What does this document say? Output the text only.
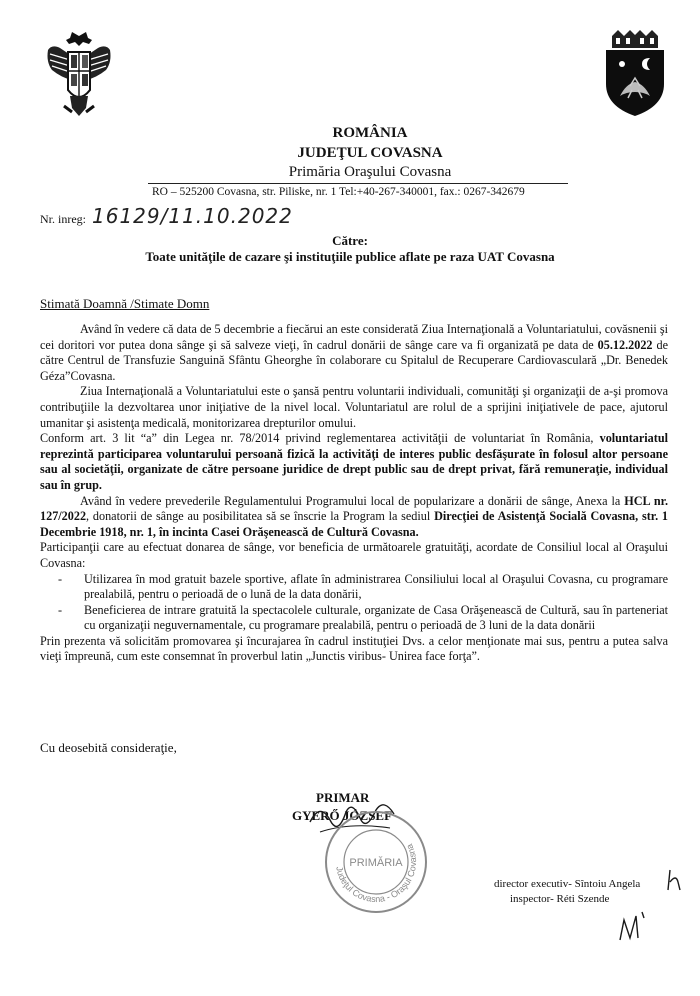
ROMÂNIA
JUDEŢUL COVASNA
Primăria Oraşului Covasna
RO – 525200 Covasna, str. Piliske, nr. 1 Tel:+40-267-340001, fax.: 0267-342679
Nr. inreg: 16129/11.10.2022
Către:
Toate unităţile de cazare şi instituţiile publice aflate pe raza UAT Covasna
Stimată Doamnă /Stimate Domn

Având în vedere că data de 5 decembrie a fiecărui an este considerată Ziua Internaţională a Voluntariatului, covăsnenii şi cei doritori vor putea dona sânge şi să salveze vieţi, în cadrul donării de sânge care va fi organizată pe data de 05.12.2022 de către Centrul de Transfuzie Sanguină Sfântu Gheorghe în colaborare cu Spitalul de Recuperare Cardiovasculară „Dr. Benedek Géza”Covasna.

Ziua Internaţională a Voluntariatului este o şansă pentru voluntarii individuali, comunităţi şi organizaţii de a-şi promova contribuţiile la dezvoltarea unor iniţiative de la nivel local. Voluntariatul are rolul de a sprijini iniţiativele de pace, ajutorul umanitar şi asistenţa medicală, monitorizarea drepturilor omului.

Conform art. 3 lit “a” din Legea nr. 78/2014 privind reglementarea activităţii de voluntariat în România, voluntariatul reprezintă participarea voluntarului persoană fizică la activităţi de interes public desfăşurate în folosul altor persoane sau al societăţii, organizate de către persoane juridice de drept public sau de drept privat, fără remuneraţie, individual sau în grup.

Având în vedere prevederile Regulamentului Programului local de popularizare a donării de sânge, Anexa la HCL nr. 127/2022, donatorii de sânge au posibilitatea să se înscrie la Program la sediul Direcţiei de Asistenţă Socială Covasna, str. 1 Decembrie 1918, nr. 1, în incinta Casei Orăşenească de Cultură Covasna.

Participanţii care au efectuat donarea de sânge, vor beneficia de următoarele gratuităţi, acordate de Consiliul local al Oraşului Covasna:

- Utilizarea în mod gratuit bazele sportive, aflate în administrarea Consiliului local al Oraşului Covasna, cu programare prealabilă, pentru o perioadă de o lună de la data donării,
- Beneficierea de intrare gratuită la spectacolele culturale, organizate de Casa Orăşenească de Cultură, sau în parteneriat cu organizaţii neguvernamentale, cu programare prealabilă, pentru o perioadă de 3 luni de la data donării

Prin prezenta vă solicităm promovarea şi încurajarea în cadrul instituţiei Dvs. a celor menţionate mai sus, pentru a putea salva vieţi împreună, cum este consemnat în proverbul latin „Junctis viribus- Unirea face forţa”.

Cu deosebită consideraţie,
PRIMAR
GYERŐ JÓZSEF
Judeţul Covasna - Oraşul Covasna
PRIMĂRIA
director executiv- Sîntoiu Angela
inspector- Réti Szende
